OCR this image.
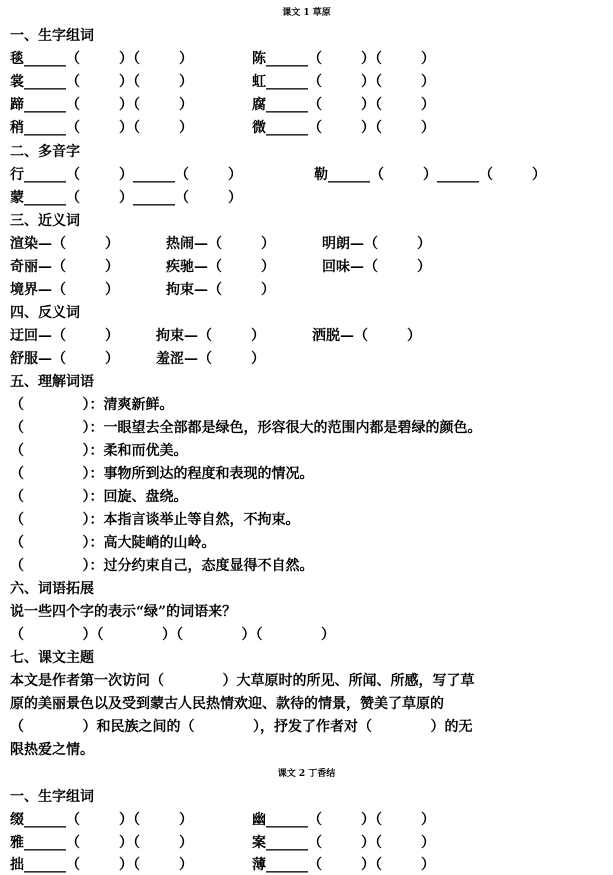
课文 1 草原
一、生字组词
毯______（        ）（        ）	陈______（        ）（        ）
裳______（        ）（        ）	虹______（        ）（        ）
蹄______（        ）（        ）	腐______（        ）（        ）
稍______（        ）（        ）	微______（        ）（        ）
二、多音字
行______（        ）______（        ）	勒______（        ）______（        ）
蒙______（        ）______（        ）
三、近义词
渲染—（        ）	热闹—（        ）	明朗—（        ）
奇丽—（        ）	疾驰—（        ）	回味—（        ）
境界—（        ）	拘束—（        ）
四、反义词
迂回—（        ）	拘束—（        ）	洒脱—（        ）
舒服—（        ）	羞涩—（        ）
五、理解词语
（            ）：清爽新鲜。
（            ）：一眼望去全部都是绿色，形容很大的范围内都是碧绿的颜色。
（            ）：柔和而优美。
（            ）：事物所到达的程度和表现的情况。
（            ）：回旋、盘绕。
（            ）：本指言谈举止等自然，不拘束。
（            ）：高大陡峭的山岭。
（            ）：过分约束自己，态度显得不自然。
六、词语拓展
说一些四个字的表示“绿”的词语来？
（            ）（            ）（            ）（            ）
七、课文主题
本文是作者第一次访问（            ）大草原时的所见、所闻、所感，写了草
原的美丽景色以及受到蒙古人民热情欢迎、款待的情景，赞美了草原的
（            ）和民族之间的（            ），抒发了作者对（            ）的无
限热爱之情。
课文 2 丁香结
一、生字组词
缀______（        ）（        ）	幽______（        ）（        ）
雅______（        ）（        ）	案______（        ）（        ）
拙______（        ）（        ）	薄______（        ）（        ）
